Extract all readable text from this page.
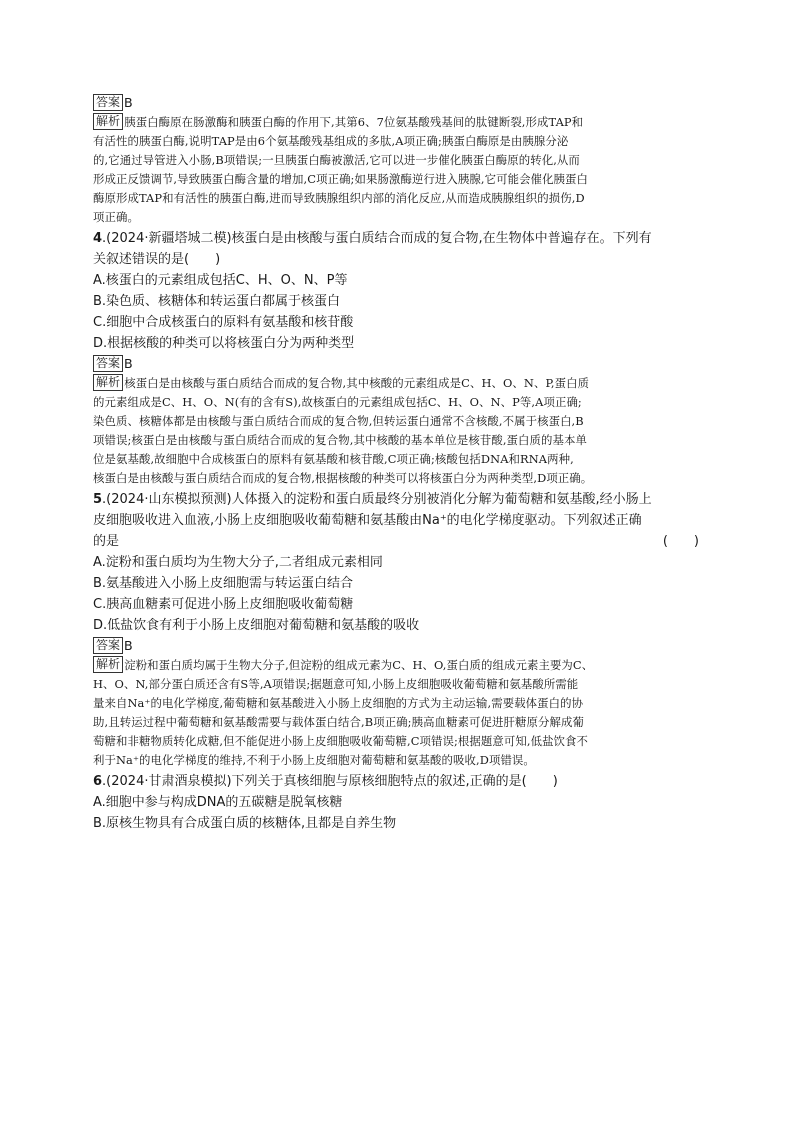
答案 B
解析 胰蛋白酶原在肠激酶和胰蛋白酶的作用下,其第6、7位氨基酸残基间的肽键断裂,形成TAP和
有活性的胰蛋白酶,说明TAP是由6个氨基酸残基组成的多肽,A项正确;胰蛋白酶原是由胰腺分泌
的,它通过导管进入小肠,B项错误;一旦胰蛋白酶被激活,它可以进一步催化胰蛋白酶原的转化,从而
形成正反馈调节,导致胰蛋白酶含量的增加,C项正确;如果肠激酶逆行进入胰腺,它可能会催化胰蛋白
酶原形成TAP和有活性的胰蛋白酶,进而导致胰腺组织内部的消化反应,从而造成胰腺组织的损伤,D
项正确。
4.(2024·新疆塔城二模)核蛋白是由核酸与蛋白质结合而成的复合物,在生物体中普遍存在。下列有
关叙述错误的是(　　)
A.核蛋白的元素组成包括C、H、O、N、P等
B.染色质、核糖体和转运蛋白都属于核蛋白
C.细胞中合成核蛋白的原料有氨基酸和核苷酸
D.根据核酸的种类可以将核蛋白分为两种类型
答案 B
解析 核蛋白是由核酸与蛋白质结合而成的复合物,其中核酸的元素组成是C、H、O、N、P,蛋白质
的元素组成是C、H、O、N(有的含有S),故核蛋白的元素组成包括C、H、O、N、P等,A项正确;
染色质、核糖体都是由核酸与蛋白质结合而成的复合物,但转运蛋白通常不含核酸,不属于核蛋白,B
项错误;核蛋白是由核酸与蛋白质结合而成的复合物,其中核酸的基本单位是核苷酸,蛋白质的基本单
位是氨基酸,故细胞中合成核蛋白的原料有氨基酸和核苷酸,C项正确;核酸包括DNA和RNA两种,
核蛋白是由核酸与蛋白质结合而成的复合物,根据核酸的种类可以将核蛋白分为两种类型,D项正确。
5.(2024·山东模拟预测)人体摄入的淀粉和蛋白质最终分别被消化分解为葡萄糖和氨基酸,经小肠上
皮细胞吸收进入血液,小肠上皮细胞吸收葡萄糖和氨基酸由Na⁺的电化学梯度驱动。下列叙述正确
的是	(　　)
A.淀粉和蛋白质均为生物大分子,二者组成元素相同
B.氨基酸进入小肠上皮细胞需与转运蛋白结合
C.胰高血糖素可促进小肠上皮细胞吸收葡萄糖
D.低盐饮食有利于小肠上皮细胞对葡萄糖和氨基酸的吸收
答案 B
解析 淀粉和蛋白质均属于生物大分子,但淀粉的组成元素为C、H、O,蛋白质的组成元素主要为C、
H、O、N,部分蛋白质还含有S等,A项错误;据题意可知,小肠上皮细胞吸收葡萄糖和氨基酸所需能
量来自Na⁺的电化学梯度,葡萄糖和氨基酸进入小肠上皮细胞的方式为主动运输,需要载体蛋白的协
助,且转运过程中葡萄糖和氨基酸需要与载体蛋白结合,B项正确;胰高血糖素可促进肝糖原分解成葡
萄糖和非糖物质转化成糖,但不能促进小肠上皮细胞吸收葡萄糖,C项错误;根据题意可知,低盐饮食不
利于Na⁺的电化学梯度的维持,不利于小肠上皮细胞对葡萄糖和氨基酸的吸收,D项错误。
6.(2024·甘肃酒泉模拟)下列关于真核细胞与原核细胞特点的叙述,正确的是(　　)
A.细胞中参与构成DNA的五碳糖是脱氧核糖
B.原核生物具有合成蛋白质的核糖体,且都是自养生物
